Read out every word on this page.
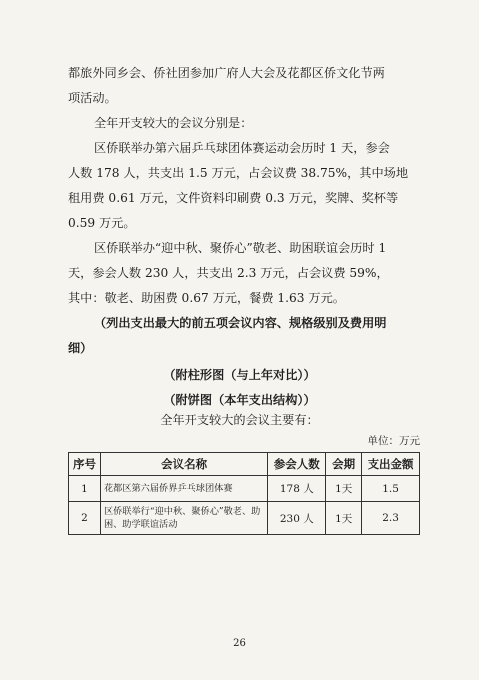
都旅外同乡会、侨社团参加广府人大会及花都区侨文化节两
项活动。
全年开支较大的会议分别是：
区侨联举办第六届乒乓球团体赛运动会历时 1 天，参会
人数 178 人，共支出 1.5 万元，占会议费 38.75%，其中场地
租用费 0.61 万元，文件资料印刷费 0.3 万元，奖牌、奖杯等
0.59 万元。
区侨联举办“迎中秋、聚侨心”敬老、助困联谊会历时 1
天，参会人数 230 人，共支出 2.3 万元，占会议费 59%，
其中：敬老、助困费 0.67 万元，餐费 1.63 万元。
（列出支出最大的前五项会议内容、规格级别及费用明
细）
（附柱形图（与上年对比））
（附饼图（本年支出结构））
全年开支较大的会议主要有：
单位：万元
序号	会议名称	参会人数	会期	支出金额
1	花都区第六届侨界乒乓球团体赛	178 人	1天	1.5
2	区侨联举行“迎中秋、聚侨心”敬老、助困、助学联谊活动	230 人	1天	2.3
26
